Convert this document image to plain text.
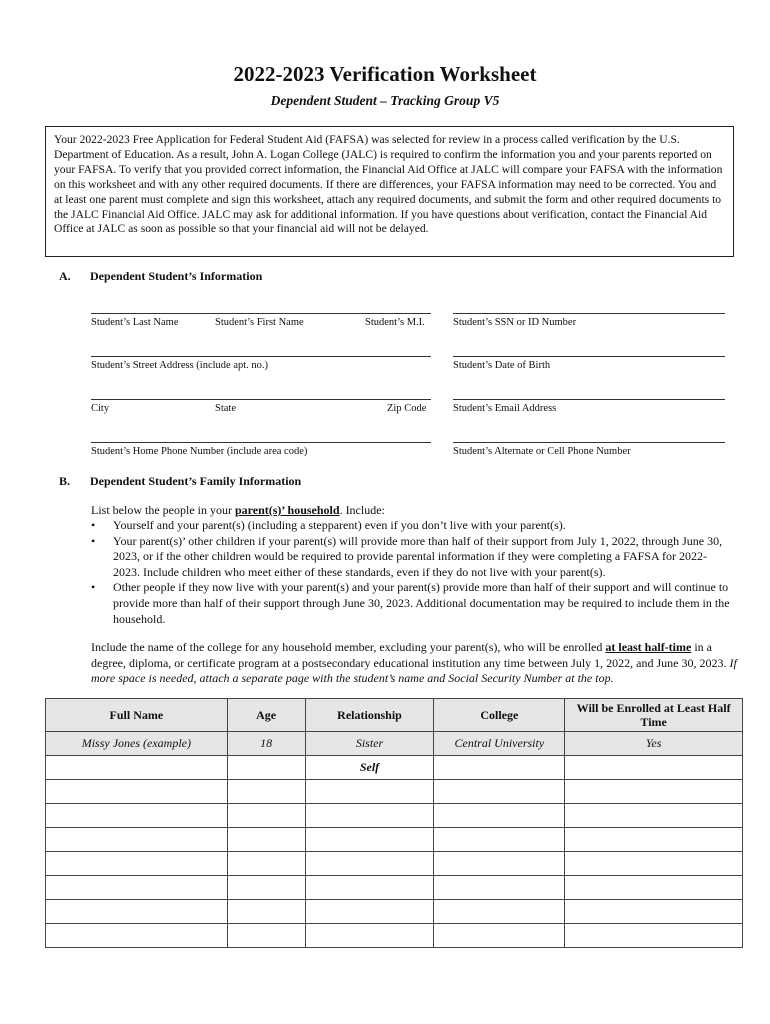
2022-2023 Verification Worksheet
Dependent Student – Tracking Group V5
Your 2022-2023 Free Application for Federal Student Aid (FAFSA) was selected for review in a process called verification by the U.S. Department of Education. As a result, John A. Logan College (JALC) is required to confirm the information you and your parents reported on your FAFSA. To verify that you provided correct information, the Financial Aid Office at JALC will compare your FAFSA with the information on this worksheet and with any other required documents. If there are differences, your FAFSA information may need to be corrected. You and at least one parent must complete and sign this worksheet, attach any required documents, and submit the form and other required documents to the JALC Financial Aid Office. JALC may ask for additional information. If you have questions about verification, contact the Financial Aid Office at JALC as soon as possible so that your financial aid will not be delayed.
A. Dependent Student’s Information
Student’s Last Name	Student’s First Name	Student’s M.I.	Student’s SSN or ID Number
Student’s Street Address (include apt. no.)	Student’s Date of Birth
City	State	Zip Code	Student’s Email Address
Student’s Home Phone Number (include area code)	Student’s Alternate or Cell Phone Number
B. Dependent Student’s Family Information
List below the people in your parent(s)’ household. Include:
• Yourself and your parent(s) (including a stepparent) even if you don’t live with your parent(s).
• Your parent(s)’ other children if your parent(s) will provide more than half of their support from July 1, 2022, through June 30, 2023, or if the other children would be required to provide parental information if they were completing a FAFSA for 2022-2023. Include children who meet either of these standards, even if they do not live with your parent(s).
• Other people if they now live with your parent(s) and your parent(s) provide more than half of their support and will continue to provide more than half of their support through June 30, 2023. Additional documentation may be required to include them in the household.
Include the name of the college for any household member, excluding your parent(s), who will be enrolled at least half-time in a degree, diploma, or certificate program at a postsecondary educational institution any time between July 1, 2022, and June 30, 2023. If more space is needed, attach a separate page with the student’s name and Social Security Number at the top.
Full Name	Age	Relationship	College	Will be Enrolled at Least Half Time
Missy Jones (example)	18	Sister	Central University	Yes
		Self		
